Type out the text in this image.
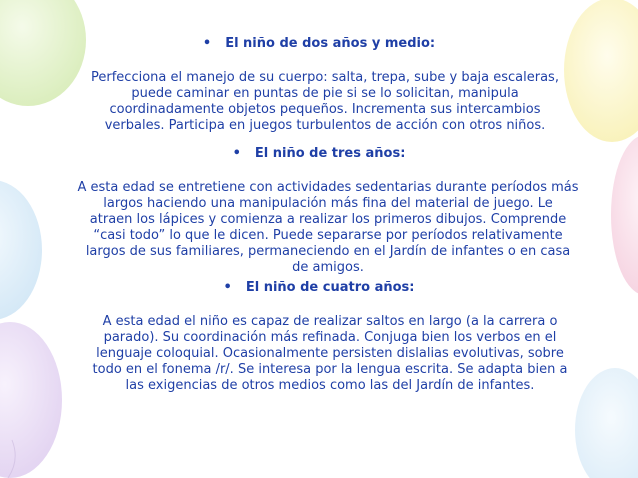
• El niño de dos años y medio:

Perfecciona el manejo de su cuerpo: salta, trepa, sube y baja escaleras,
puede caminar en puntas de pie si se lo solicitan, manipula
coordinadamente objetos pequeños. Incrementa sus intercambios
verbales. Participa en juegos turbulentos de acción con otros niños.

• El niño de tres años:

A esta edad se entretiene con actividades sedentarias durante períodos más
largos haciendo una manipulación más fina del material de juego. Le
atraen los lápices y comienza a realizar los primeros dibujos. Comprende
“casi todo” lo que le dicen. Puede separarse por períodos relativamente
largos de sus familiares, permaneciendo en el Jardín de infantes o en casa
de amigos.

• El niño de cuatro años:

A esta edad el niño es capaz de realizar saltos en largo (a la carrera o
parado). Su coordinación más refinada. Conjuga bien los verbos en el
lenguaje coloquial. Ocasionalmente persisten dislalias evolutivas, sobre
todo en el fonema /r/. Se interesa por la lengua escrita. Se adapta bien a
las exigencias de otros medios como las del Jardín de infantes.
